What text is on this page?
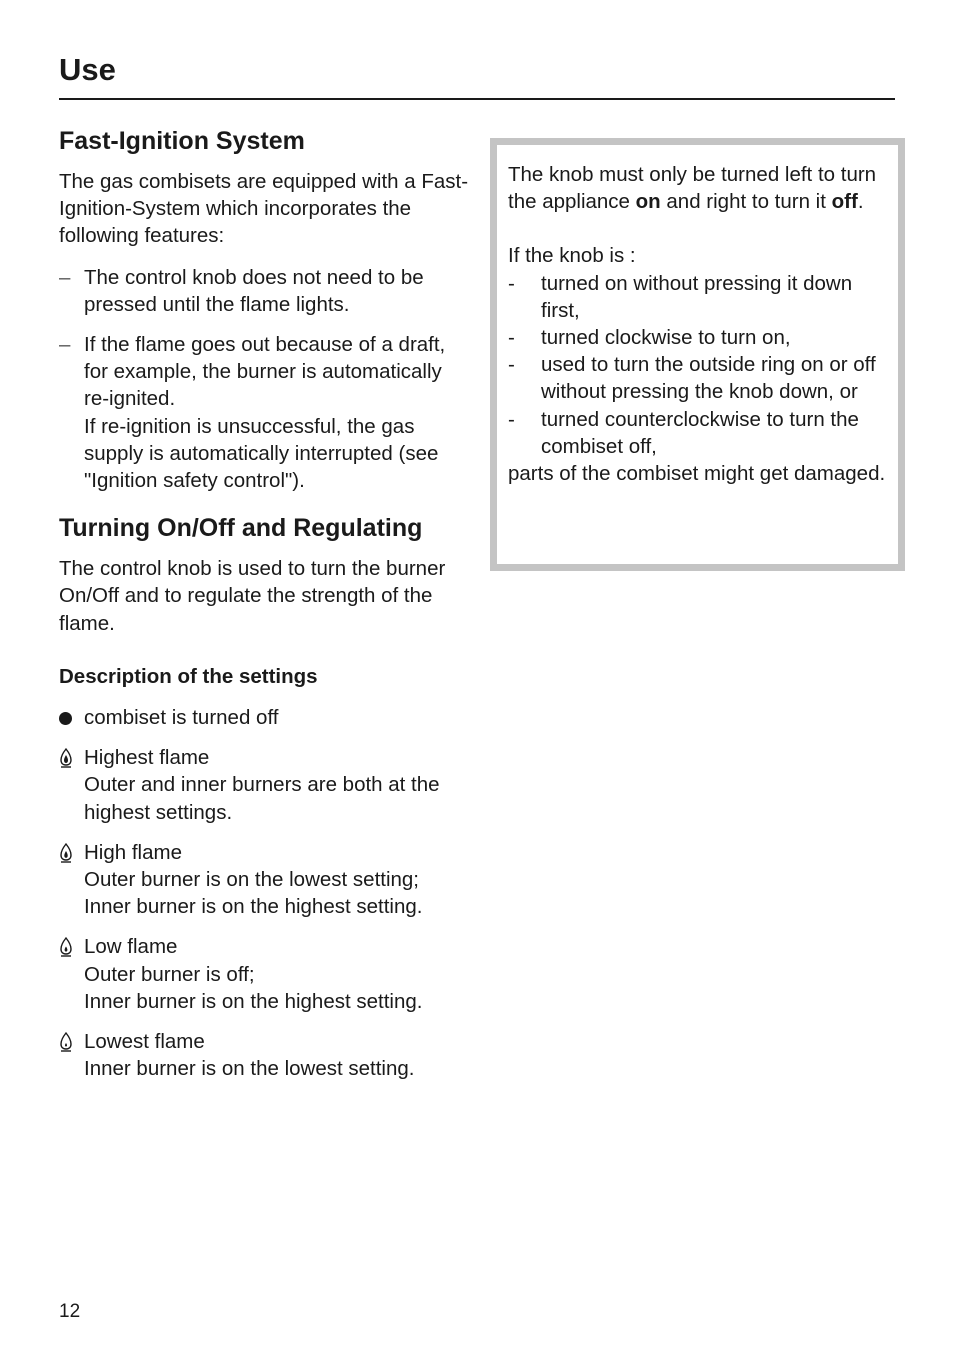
Use
Fast-Ignition System

The gas combisets are equipped with a Fast-Ignition-System which incorporates the following features:

– The control knob does not need to be pressed until the flame lights.
– If the flame goes out because of a draft, for example, the burner is automatically re-ignited.
If re-ignition is unsuccessful, the gas supply is automatically interrupted (see "Ignition safety control").
Turning On/Off and Regulating

The control knob is used to turn the burner On/Off and to regulate the strength of the flame.

Description of the settings
combiset is turned off
Highest flame
Outer and inner burners are both at the highest settings.
High flame
Outer burner is on the lowest setting;
Inner burner is on the highest setting.
Low flame
Outer burner is off;
Inner burner is on the highest setting.
Lowest flame
Inner burner is on the lowest setting.

The knob must only be turned left to turn the appliance on and right to turn it off.

If the knob is :

- turned on without pressing it down first,
- turned clockwise to turn on,
- used to turn the outside ring on or off without pressing the knob down, or
- turned counterclockwise to turn the combiset off,

parts of the combiset might get damaged.

12
